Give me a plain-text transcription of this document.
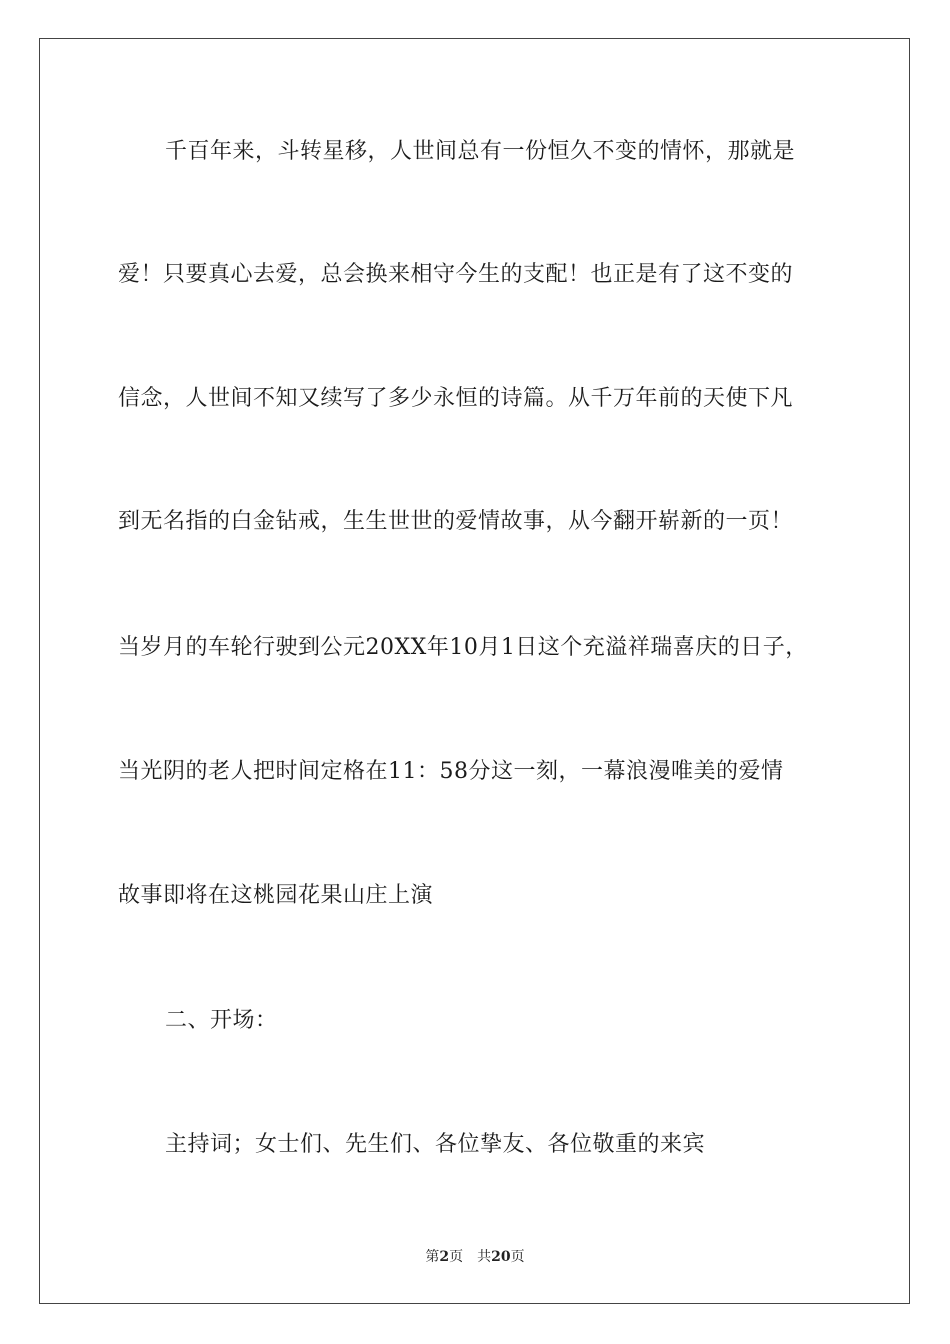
千百年来，斗转星移，人世间总有一份恒久不变的情怀，那就是
爱！只要真心去爱，总会换来相守今生的支配！也正是有了这不变的
信念，人世间不知又续写了多少永恒的诗篇。从千万年前的天使下凡
到无名指的白金钻戒，生生世世的爱情故事，从今翻开崭新的一页！
当岁月的车轮行驶到公元20XX年10月1日这个充溢祥瑞喜庆的日子，
当光阴的老人把时间定格在11：58分这一刻，一幕浪漫唯美的爱情
故事即将在这桃园花果山庄上演
二、开场：
主持词；女士们、先生们、各位挚友、各位敬重的来宾
第2页 共20页
